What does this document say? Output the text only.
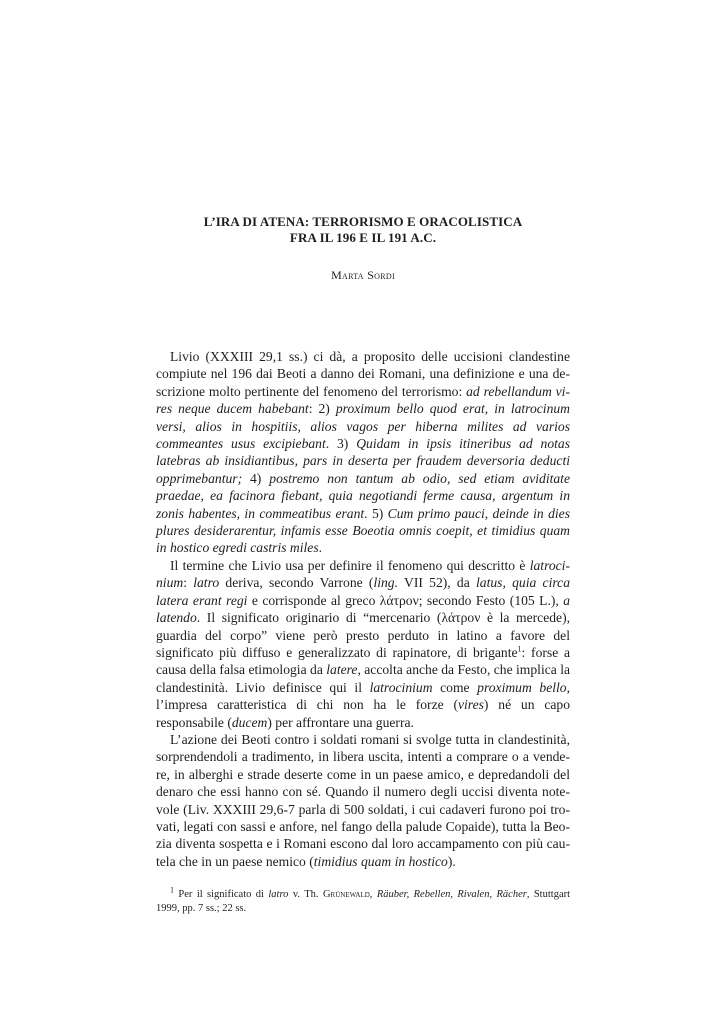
L’IRA DI ATENA: TERRORISMO E ORACOLISTICA
FRA IL 196 E IL 191 A.C.
Marta Sordi

Livio (XXXIII 29,1 ss.) ci dà, a proposito delle uccisioni clandestine compiute nel 196 dai Beoti a danno dei Romani, una definizione e una descrizione molto pertinente del fenomeno del terrorismo: ad rebellandum vires neque ducem habebant: 2) proximum bello quod erat, in latrocinum versi, alios in hospitiis, alios vagos per hiberna milites ad varios commeantes usus excipiebant. 3) Quidam in ipsis itineribus ad notas latebras ab insidiantibus, pars in deserta per fraudem deversoria deducti opprimebantur; 4) postremo non tantum ab odio, sed etiam aviditate praedae, ea facinora fiebant, quia negotiandi ferme causa, argentum in zonis habentes, in commeatibus erant. 5) Cum primo pauci, deinde in dies plures desiderarentur, infamis esse Boeotia omnis coepit, et timidius quam in hostico egredi castris miles.

Il termine che Livio usa per definire il fenomeno qui descritto è latrocinium: latro deriva, secondo Varrone (ling. VII 52), da latus, quia circa latera erant regi e corrisponde al greco λάτρον; secondo Festo (105 L.), a latendo. Il significato originario di “mercenario (λάτρον è la mercede), guardia del corpo” viene però presto perduto in latino a favore del significato più diffuso e generalizzato di rapinatore, di brigante$^1$: forse a causa della falsa etimologia da latere, accolta anche da Festo, che implica la clandestinità. Livio definisce qui il latrocinium come proximum bello, l’impresa caratteristica di chi non ha le forze (vires) né un capo responsabile (ducem) per affrontare una guerra.

L’azione dei Beoti contro i soldati romani si svolge tutta in clandestinità, sorprendendoli a tradimento, in libera uscita, intenti a comprare o a vendere, in alberghi e strade deserte come in un paese amico, e depredandoli del denaro che essi hanno con sé. Quando il numero degli uccisi diventa notevole (Liv. XXXIII 29,6-7 parla di 500 soldati, i cui cadaveri furono poi trovati, legati con sassi e anfore, nel fango della palude Copaide), tutta la Beozia diventa sospetta e i Romani escono dal loro accampamento con più cautela che in un paese nemico (timidius quam in hostico).

$^1$ Per il significato di latro v. Th. Grünewald, Räuber, Rebellen, Rivalen, Rächer, Stuttgart 1999, pp. 7 ss.; 22 ss.
